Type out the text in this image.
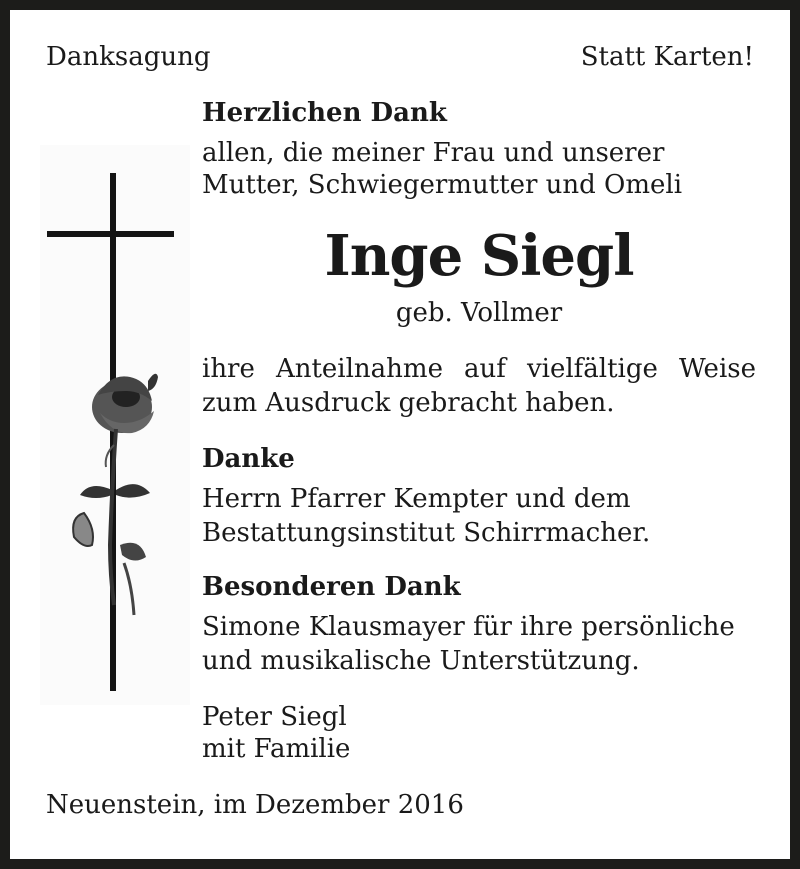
Danksagung	Statt Karten!
Herzlichen Dank
allen, die meiner Frau und unserer
Mutter, Schwiegermutter und Omeli
Inge Siegl
geb. Vollmer
ihre Anteilnahme auf vielfältige Weise
zum Ausdruck gebracht haben.
Danke
Herrn Pfarrer Kempter und dem
Bestattungsinstitut Schirrmacher.
Besonderen Dank
Simone Klausmayer für ihre persönliche
und musikalische Unterstützung.
Peter Siegl
mit Familie
Neuenstein, im Dezember 2016
